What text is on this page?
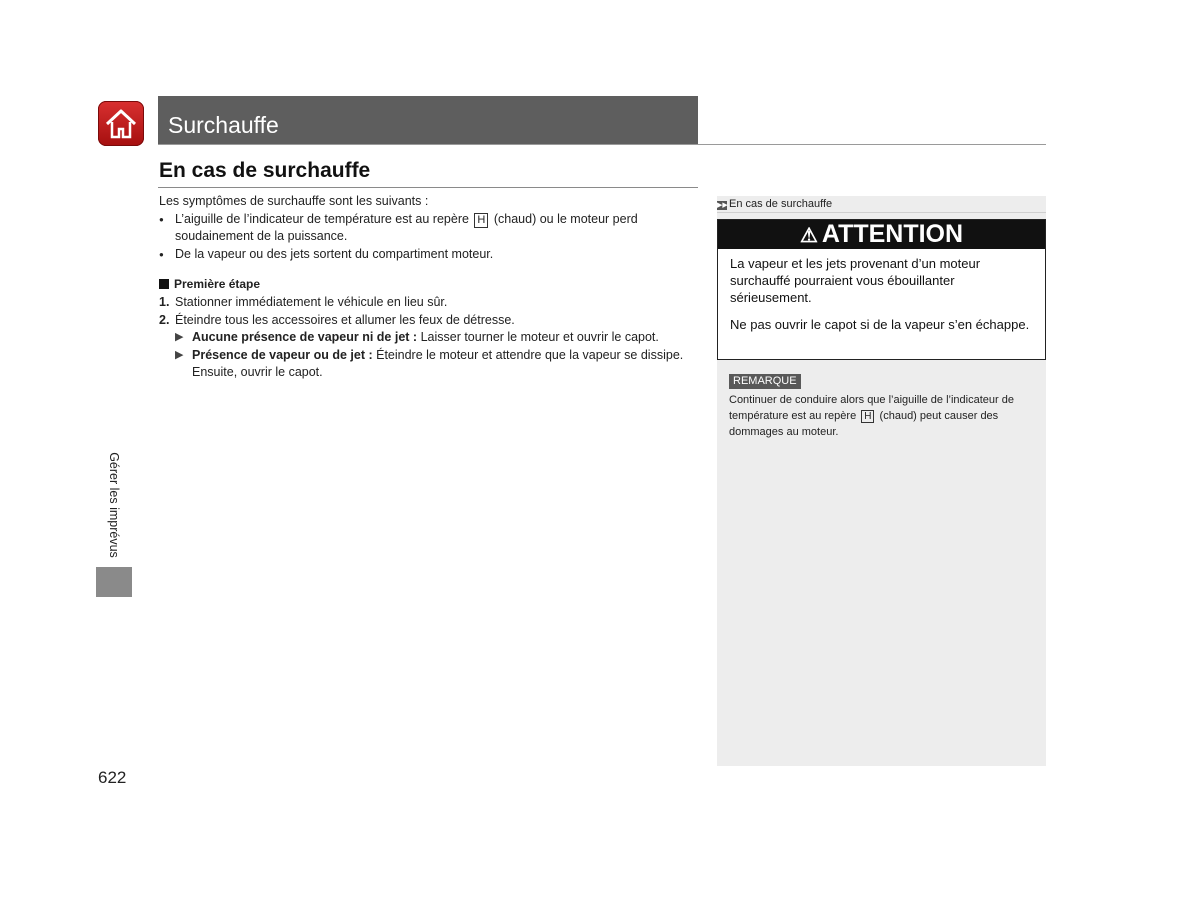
Surchauffe
En cas de surchauffe

Les symptômes de surchauffe sont les suivants :

● L’aiguille de l’indicateur de température est au repère H (chaud) ou le moteur perd soudainement de la puissance.

● De la vapeur ou des jets sortent du compartiment moteur.

Première étape

1. Stationner immédiatement le véhicule en lieu sûr.

2. Éteindre tous les accessoires et allumer les feux de détresse.

▶ Aucune présence de vapeur ni de jet : Laisser tourner le moteur et ouvrir le capot.

▶ Présence de vapeur ou de jet : Éteindre le moteur et attendre que la vapeur se dissipe. Ensuite, ouvrir le capot.

Gérer les imprévus
622
▶▶En cas de surchauffe
⚠ ATTENTION

La vapeur et les jets provenant d’un moteur surchauffé pourraient vous ébouillanter sérieusement.

Ne pas ouvrir le capot si de la vapeur s’en échappe.

REMARQUE
Continuer de conduire alors que l’aiguille de l’indicateur de température est au repère H (chaud) peut causer des dommages au moteur.
